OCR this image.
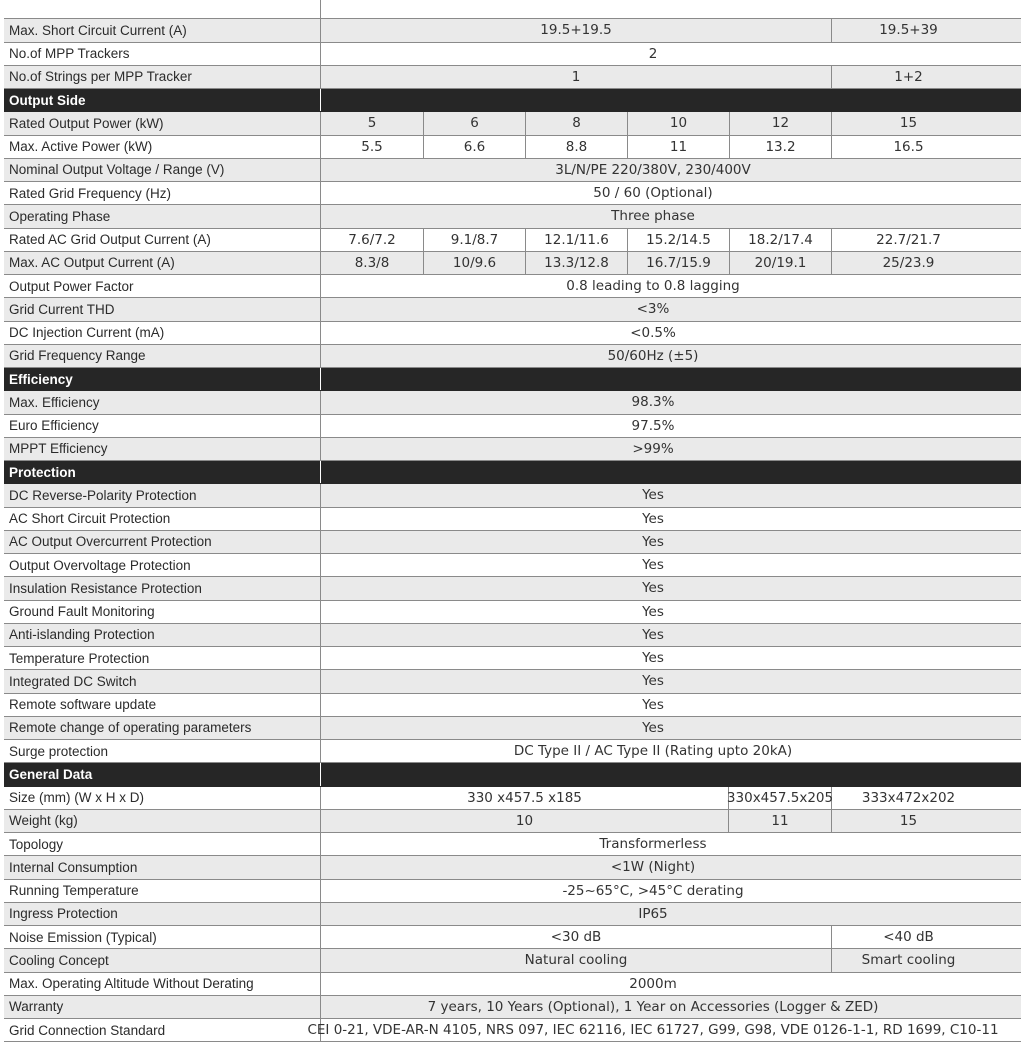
Max. Short Circuit Current (A)	19.5+19.5	19.5+39
No.of MPP Trackers	2
No.of Strings per MPP Tracker	1	1+2
Output Side
Rated Output Power (kW)	5	6	8	10	12	15
Max. Active Power (kW)	5.5	6.6	8.8	11	13.2	16.5
Nominal Output Voltage / Range (V)	3L/N/PE 220/380V, 230/400V
Rated Grid Frequency (Hz)	50 / 60 (Optional)
Operating Phase	Three phase
Rated AC Grid Output Current (A)	7.6/7.2	9.1/8.7	12.1/11.6	15.2/14.5	18.2/17.4	22.7/21.7
Max. AC Output Current (A)	8.3/8	10/9.6	13.3/12.8	16.7/15.9	20/19.1	25/23.9
Output Power Factor	0.8 leading to 0.8 lagging
Grid Current THD	<3%
DC Injection Current (mA)	<0.5%
Grid Frequency Range	50/60Hz (±5)
Efficiency
Max. Efficiency	98.3%
Euro Efficiency	97.5%
MPPT Efficiency	>99%
Protection
DC Reverse-Polarity Protection	Yes
AC Short Circuit Protection	Yes
AC Output Overcurrent Protection	Yes
Output Overvoltage Protection	Yes
Insulation Resistance Protection	Yes
Ground Fault Monitoring	Yes
Anti-islanding Protection	Yes
Temperature Protection	Yes
Integrated DC Switch	Yes
Remote software update	Yes
Remote change of operating parameters	Yes
Surge protection	DC Type II / AC Type II (Rating upto 20kA)
General Data
Size (mm) (W x H x D)	330 x457.5 x185	330x457.5x205	333x472x202
Weight (kg)	10	11	15
Topology	Transformerless
Internal Consumption	<1W (Night)
Running Temperature	-25~65°C, >45°C derating
Ingress Protection	IP65
Noise Emission (Typical)	<30 dB	<40 dB
Cooling Concept	Natural cooling	Smart cooling
Max. Operating Altitude Without Derating	2000m
Warranty	7 years, 10 Years (Optional), 1 Year on Accessories (Logger & ZED)
Grid Connection Standard	CEI 0-21, VDE-AR-N 4105, NRS 097, IEC 62116, IEC 61727, G99, G98, VDE 0126-1-1, RD 1699, C10-11
